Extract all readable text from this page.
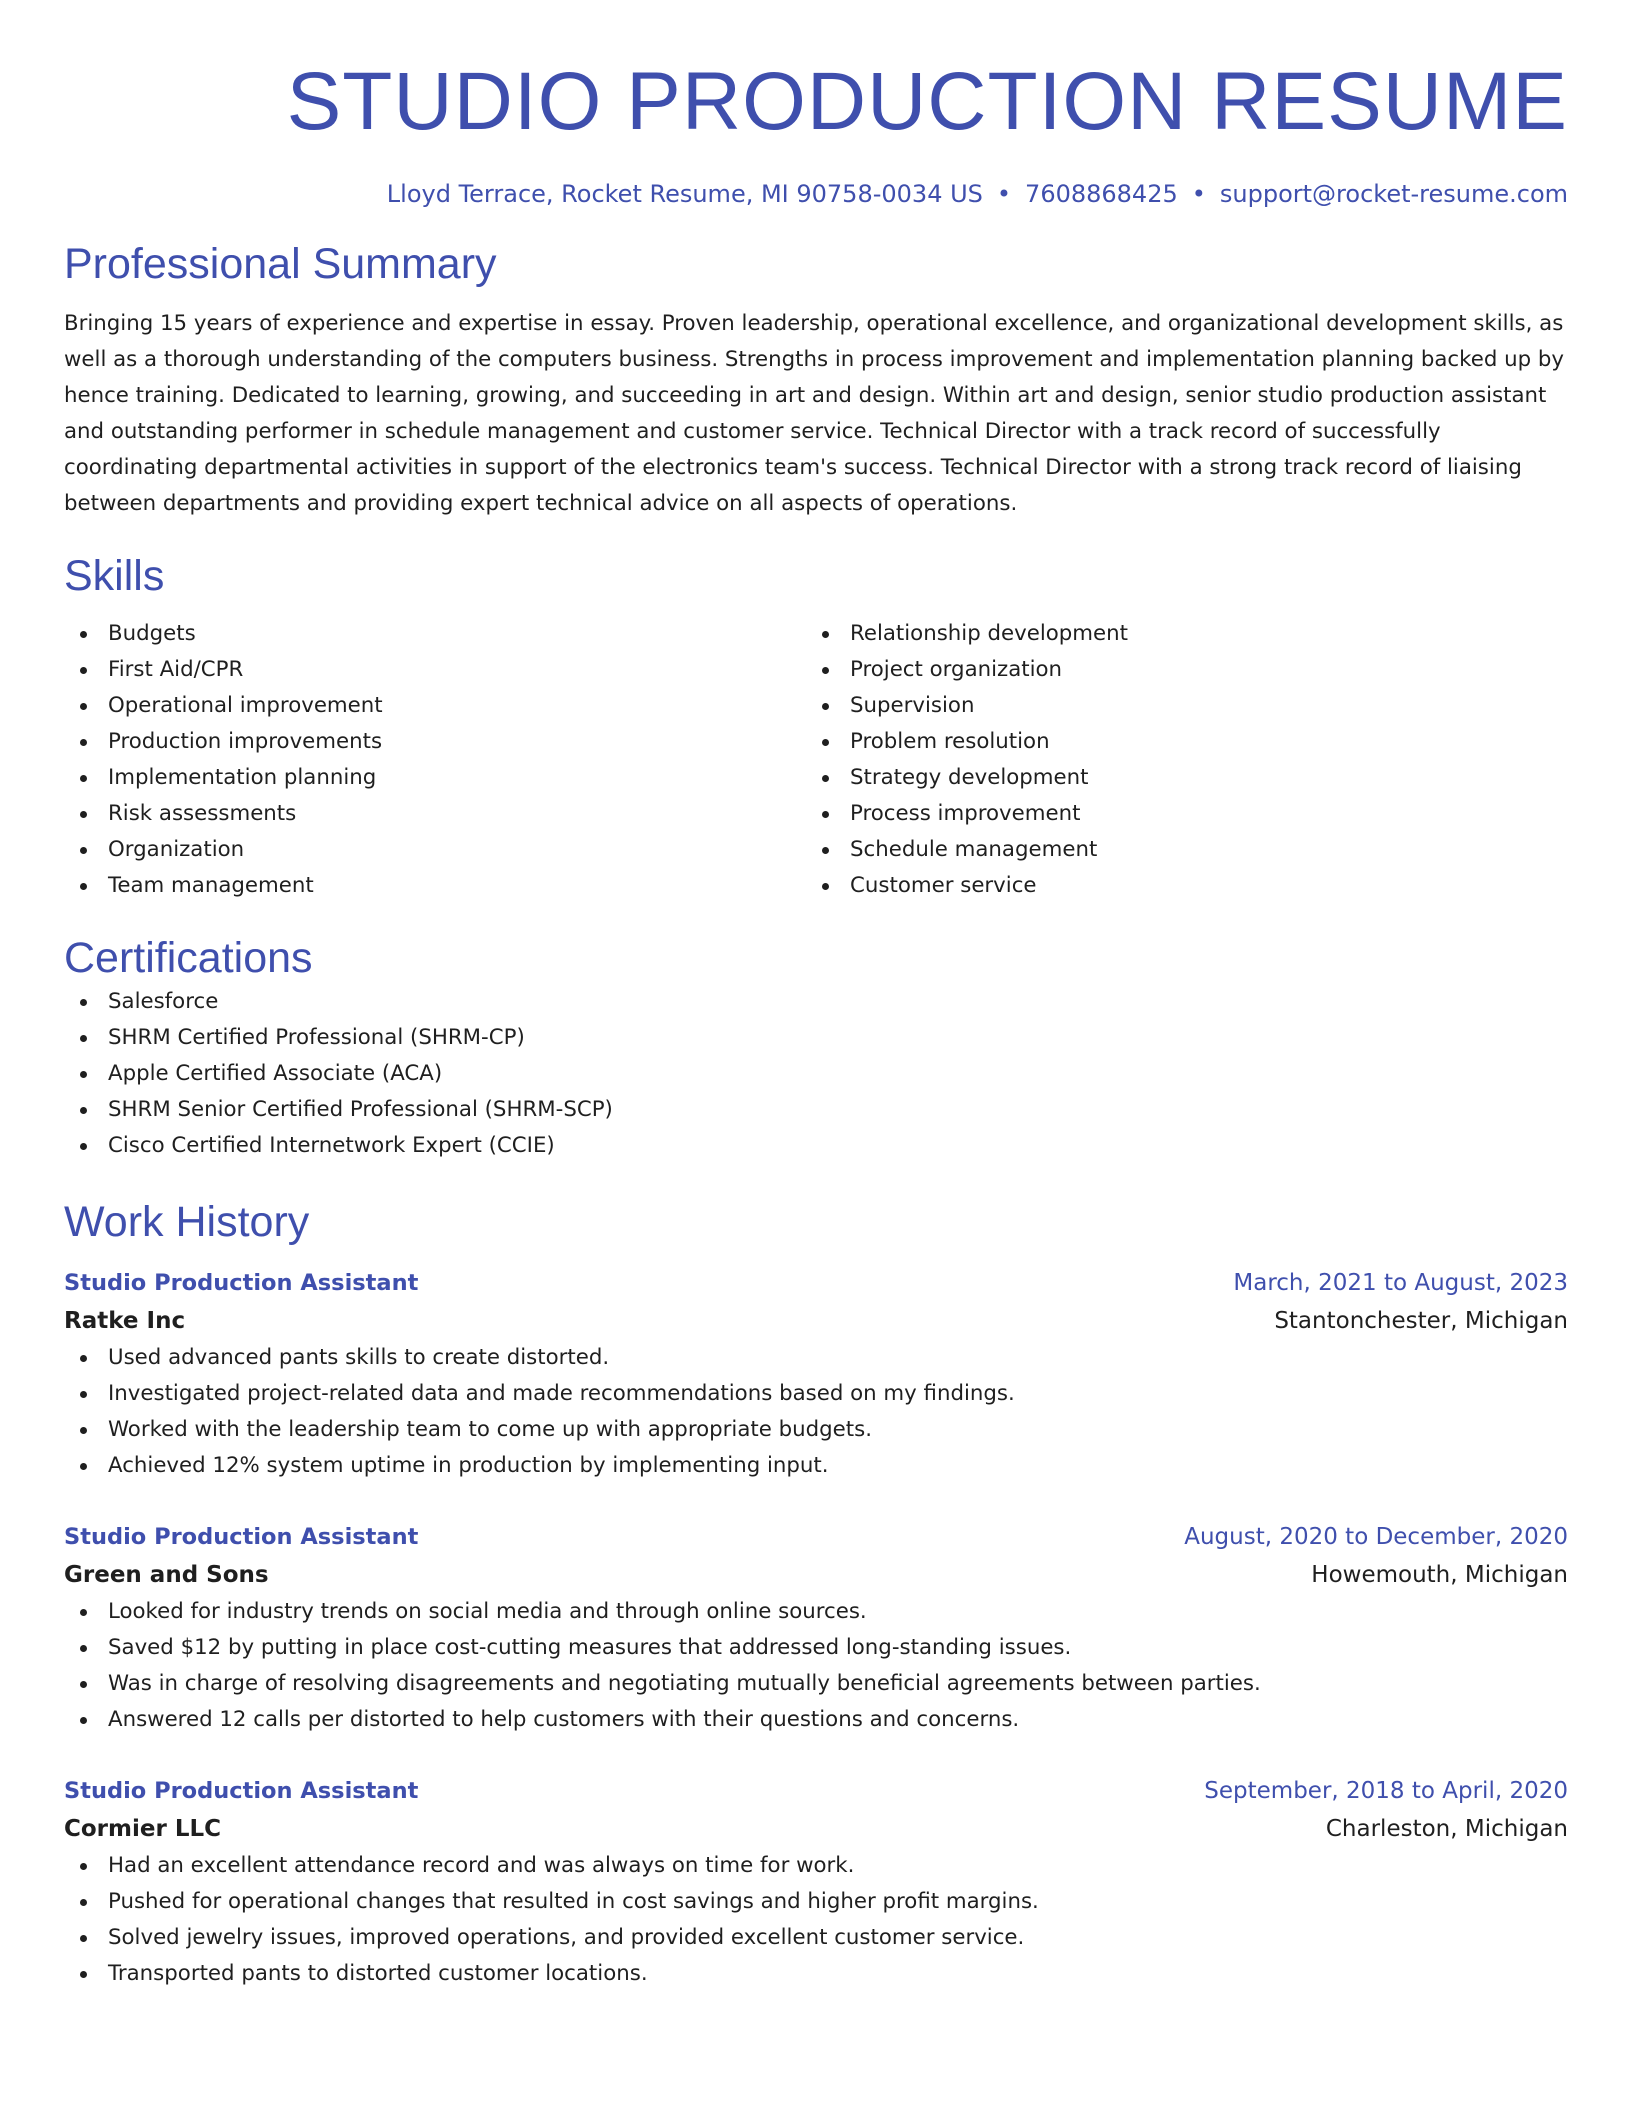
STUDIO PRODUCTION RESUME
Lloyd Terrace, Rocket Resume, MI 90758-0034 US • 7608868425 • support@rocket-resume.com
Professional Summary

Bringing 15 years of experience and expertise in essay. Proven leadership, operational excellence, and organizational development skills, as well as a thorough understanding of the computers business. Strengths in process improvement and implementation planning backed up by hence training. Dedicated to learning, growing, and succeeding in art and design. Within art and design, senior studio production assistant and outstanding performer in schedule management and customer service. Technical Director with a track record of successfully coordinating departmental activities in support of the electronics team's success. Technical Director with a strong track record of liaising between departments and providing expert technical advice on all aspects of operations.

Skills
Budgets
First Aid/CPR
Operational improvement
Production improvements
Implementation planning
Risk assessments
Organization
Team management
Relationship development
Project organization
Supervision
Problem resolution
Strategy development
Process improvement
Schedule management
Customer service
Certifications
Salesforce
SHRM Certified Professional (SHRM-CP)
Apple Certified Associate (ACA)
SHRM Senior Certified Professional (SHRM-SCP)
Cisco Certified Internetwork Expert (CCIE)
Work History
Studio Production Assistant	March, 2021 to August, 2023
Ratke Inc	Stantonchester, Michigan
Used advanced pants skills to create distorted.
Investigated project-related data and made recommendations based on my findings.
Worked with the leadership team to come up with appropriate budgets.
Achieved 12% system uptime in production by implementing input.
Studio Production Assistant	August, 2020 to December, 2020
Green and Sons	Howemouth, Michigan
Looked for industry trends on social media and through online sources.
Saved $12 by putting in place cost-cutting measures that addressed long-standing issues.
Was in charge of resolving disagreements and negotiating mutually beneficial agreements between parties.
Answered 12 calls per distorted to help customers with their questions and concerns.
Studio Production Assistant	September, 2018 to April, 2020
Cormier LLC	Charleston, Michigan
Had an excellent attendance record and was always on time for work.
Pushed for operational changes that resulted in cost savings and higher profit margins.
Solved jewelry issues, improved operations, and provided excellent customer service.
Transported pants to distorted customer locations.
